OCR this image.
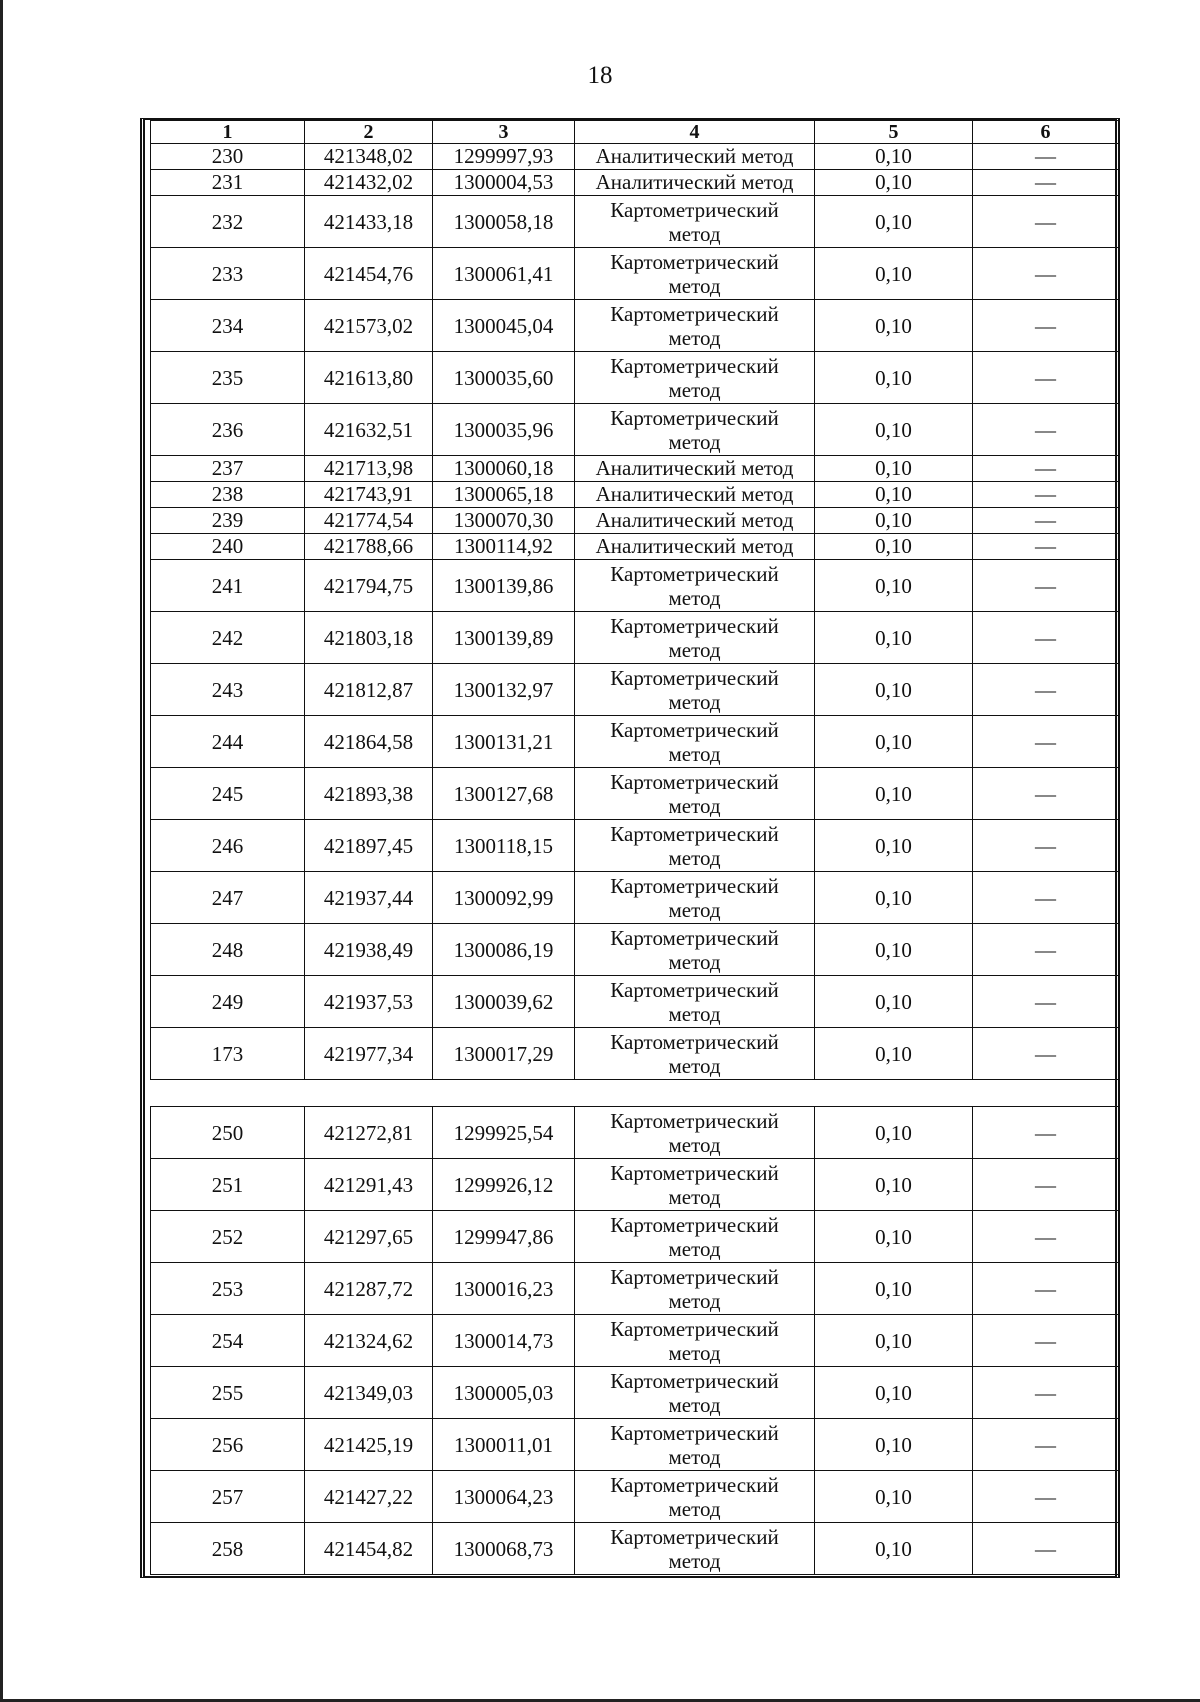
18
1	2	3	4	5	6
230	421348,02	1299997,93	Аналитический метод	0,10	—
231	421432,02	1300004,53	Аналитический метод	0,10	—
232	421433,18	1300058,18	Картометрический метод	0,10	—
233	421454,76	1300061,41	Картометрический метод	0,10	—
234	421573,02	1300045,04	Картометрический метод	0,10	—
235	421613,80	1300035,60	Картометрический метод	0,10	—
236	421632,51	1300035,96	Картометрический метод	0,10	—
237	421713,98	1300060,18	Аналитический метод	0,10	—
238	421743,91	1300065,18	Аналитический метод	0,10	—
239	421774,54	1300070,30	Аналитический метод	0,10	—
240	421788,66	1300114,92	Аналитический метод	0,10	—
241	421794,75	1300139,86	Картометрический метод	0,10	—
242	421803,18	1300139,89	Картометрический метод	0,10	—
243	421812,87	1300132,97	Картометрический метод	0,10	—
244	421864,58	1300131,21	Картометрический метод	0,10	—
245	421893,38	1300127,68	Картометрический метод	0,10	—
246	421897,45	1300118,15	Картометрический метод	0,10	—
247	421937,44	1300092,99	Картометрический метод	0,10	—
248	421938,49	1300086,19	Картометрический метод	0,10	—
249	421937,53	1300039,62	Картометрический метод	0,10	—
173	421977,34	1300017,29	Картометрический метод	0,10	—

250	421272,81	1299925,54	Картометрический метод	0,10	—
251	421291,43	1299926,12	Картометрический метод	0,10	—
252	421297,65	1299947,86	Картометрический метод	0,10	—
253	421287,72	1300016,23	Картометрический метод	0,10	—
254	421324,62	1300014,73	Картометрический метод	0,10	—
255	421349,03	1300005,03	Картометрический метод	0,10	—
256	421425,19	1300011,01	Картометрический метод	0,10	—
257	421427,22	1300064,23	Картометрический метод	0,10	—
258	421454,82	1300068,73	Картометрический метод	0,10	—
